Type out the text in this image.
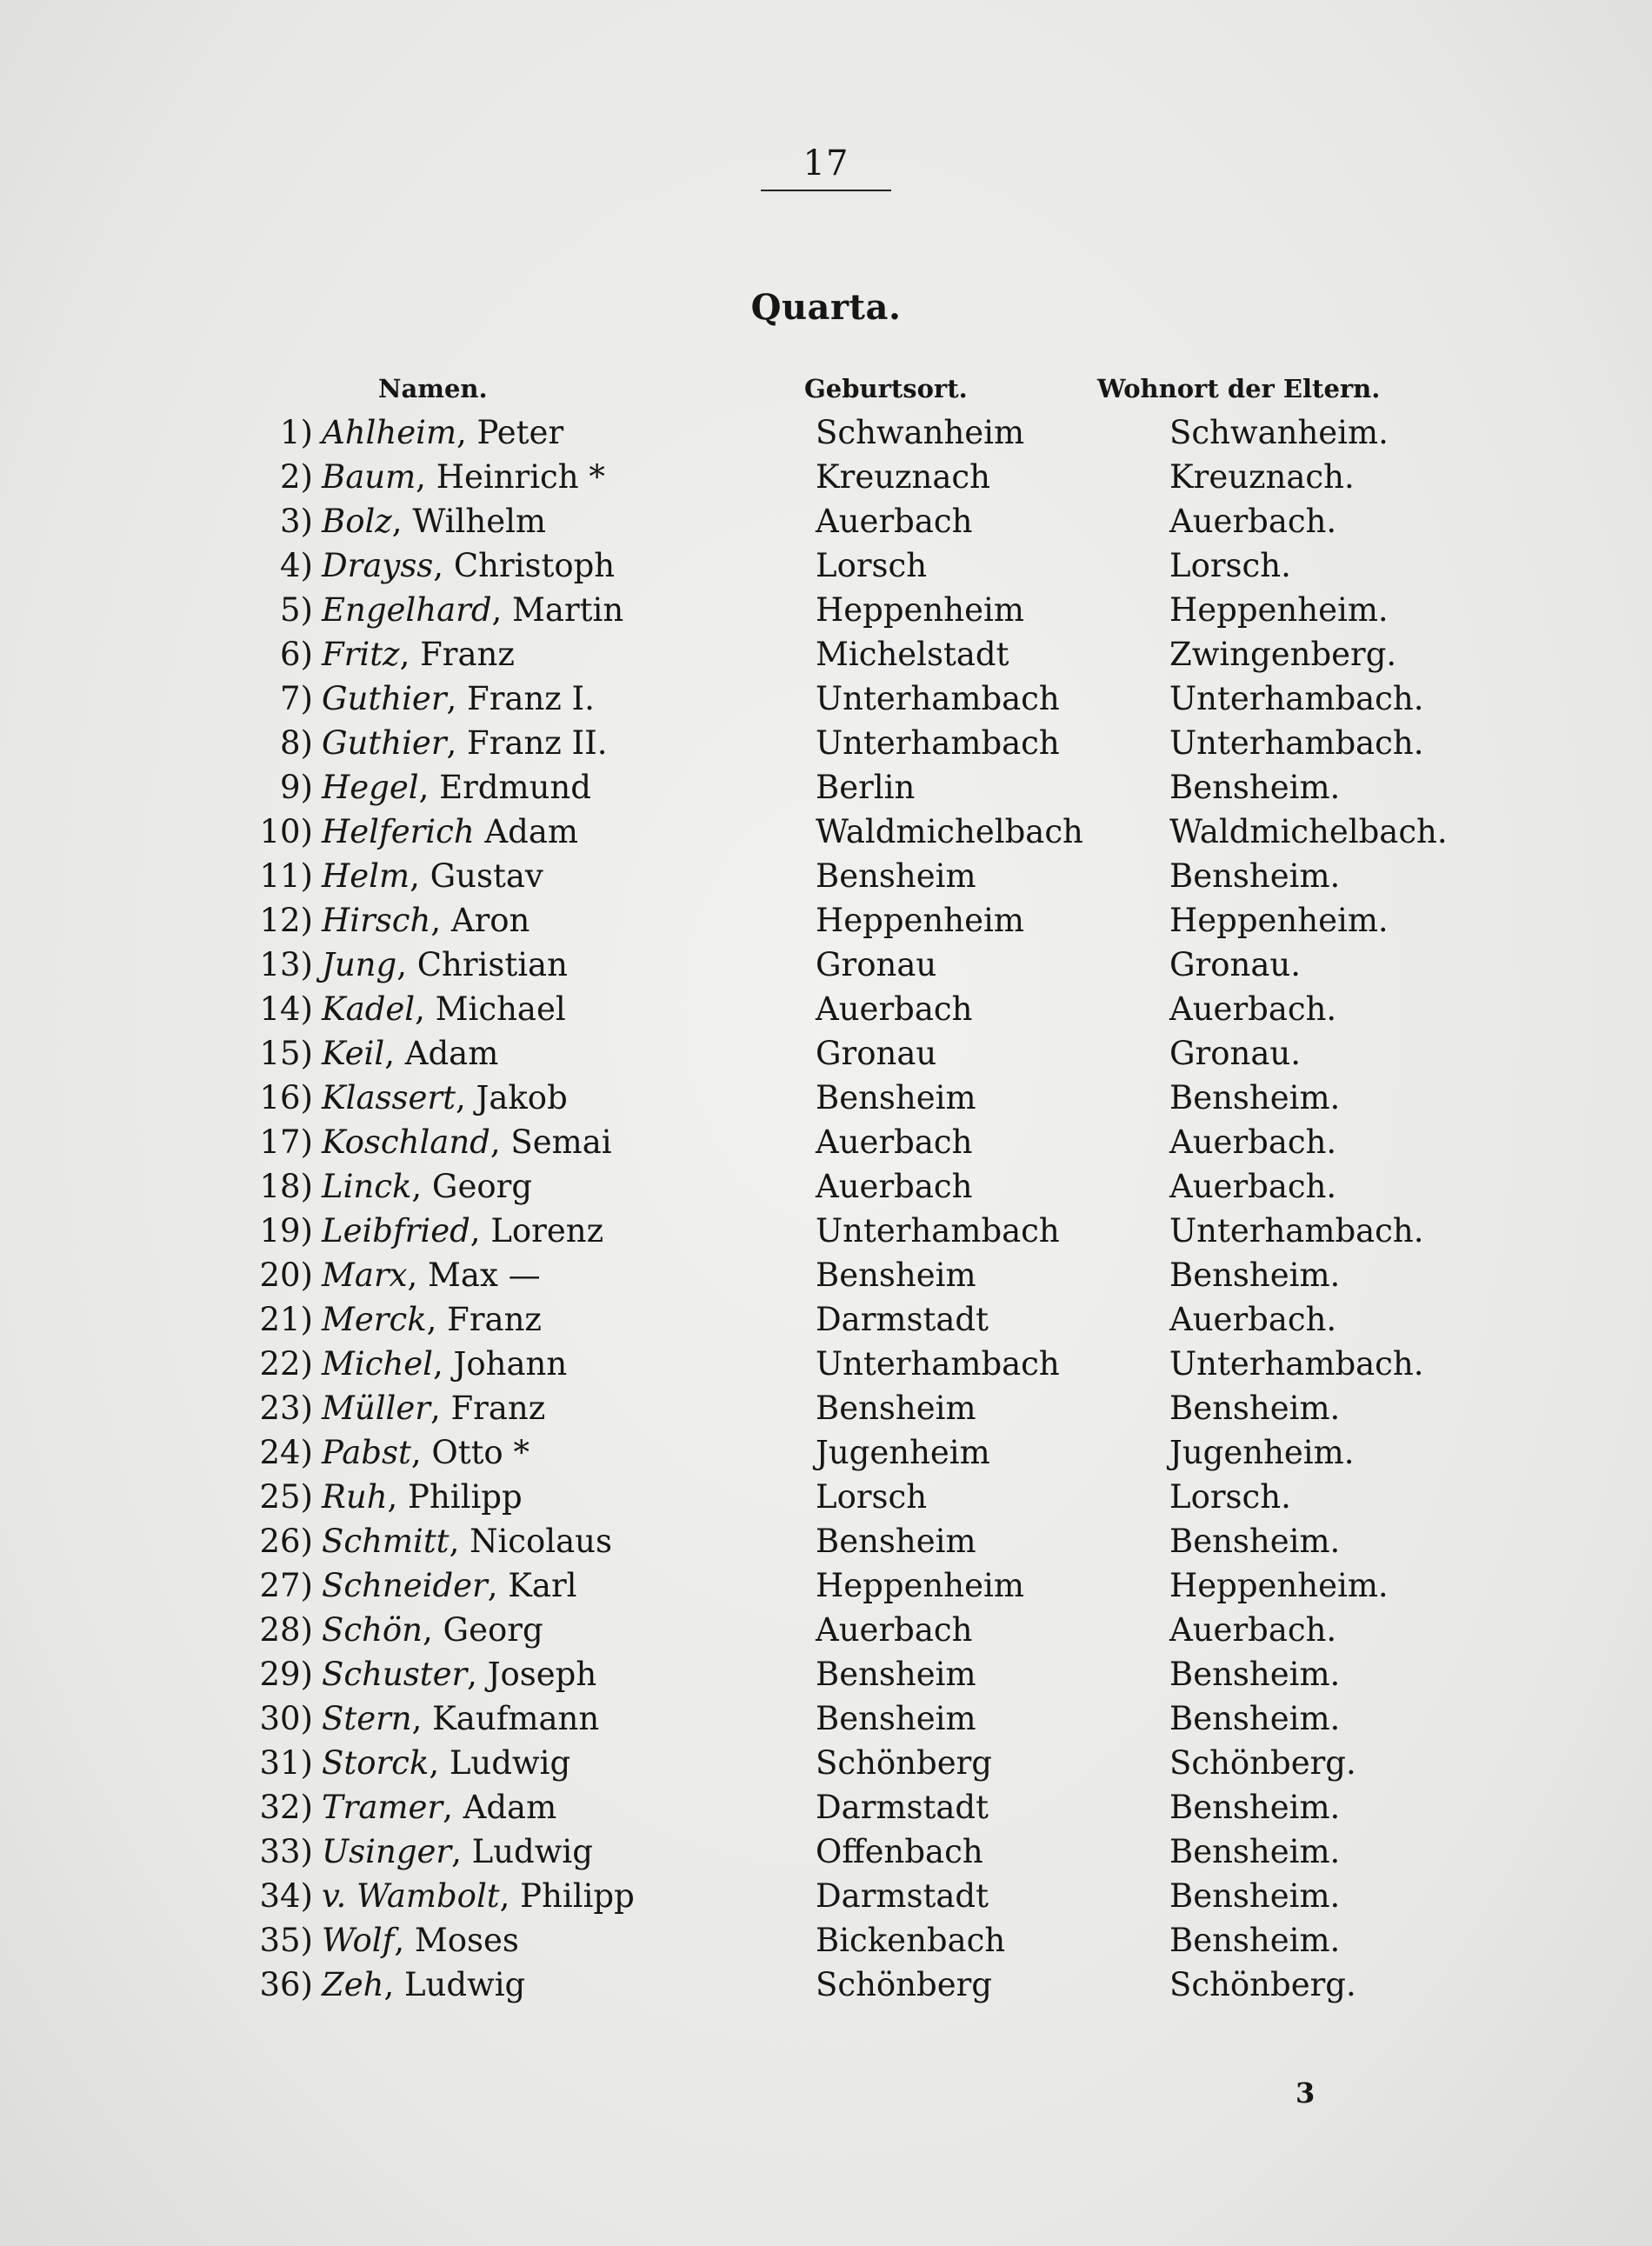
17
Quarta.
Namen.	Geburtsort.	Wohnort der Eltern.
1) Ahlheim, Peter	Schwanheim	Schwanheim.
2) Baum, Heinrich *	Kreuznach	Kreuznach.
3) Bolz, Wilhelm	Auerbach	Auerbach.
4) Drayss, Christoph	Lorsch	Lorsch.
5) Engelhard, Martin	Heppenheim	Heppenheim.
6) Fritz, Franz	Michelstadt	Zwingenberg.
7) Guthier, Franz I.	Unterhambach	Unterhambach.
8) Guthier, Franz II.	Unterhambach	Unterhambach.
9) Hegel, Erdmund	Berlin	Bensheim.
10) Helferich Adam	Waldmichelbach	Waldmichelbach.
11) Helm, Gustav	Bensheim	Bensheim.
12) Hirsch, Aron	Heppenheim	Heppenheim.
13) Jung, Christian	Gronau	Gronau.
14) Kadel, Michael	Auerbach	Auerbach.
15) Keil, Adam	Gronau	Gronau.
16) Klassert, Jakob	Bensheim	Bensheim.
17) Koschland, Semai	Auerbach	Auerbach.
18) Linck, Georg	Auerbach	Auerbach.
19) Leibfried, Lorenz	Unterhambach	Unterhambach.
20) Marx, Max —	Bensheim	Bensheim.
21) Merck, Franz	Darmstadt	Auerbach.
22) Michel, Johann	Unterhambach	Unterhambach.
23) Müller, Franz	Bensheim	Bensheim.
24) Pabst, Otto *	Jugenheim	Jugenheim.
25) Ruh, Philipp	Lorsch	Lorsch.
26) Schmitt, Nicolaus	Bensheim	Bensheim.
27) Schneider, Karl	Heppenheim	Heppenheim.
28) Schön, Georg	Auerbach	Auerbach.
29) Schuster, Joseph	Bensheim	Bensheim.
30) Stern, Kaufmann	Bensheim	Bensheim.
31) Storck, Ludwig	Schönberg	Schönberg.
32) Tramer, Adam	Darmstadt	Bensheim.
33) Usinger, Ludwig	Offenbach	Bensheim.
34) v. Wambolt, Philipp	Darmstadt	Bensheim.
35) Wolf, Moses	Bickenbach	Bensheim.
36) Zeh, Ludwig	Schönberg	Schönberg.
3
